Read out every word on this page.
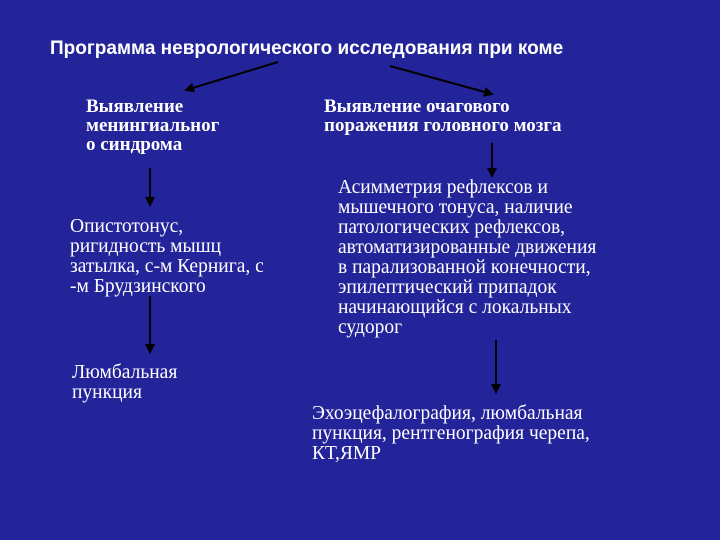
Программа неврологического исследования при коме
Выявление
менингиальног
о синдрома
Выявление очагового
поражения головного мозга
Опистотонус,
ригидность мышц
затылка, с-м Кернига, с
-м Брудзинского
Асимметрия рефлексов и
мышечного тонуса, наличие
патологических рефлексов,
автоматизированные движения
в парализованной конечности,
эпилептический припадок
начинающийся с локальных
судорог
Люмбальная
пункция
Эхоэцефалография, люмбальная
пункция, рентгенография черепа,
КТ,ЯМР
